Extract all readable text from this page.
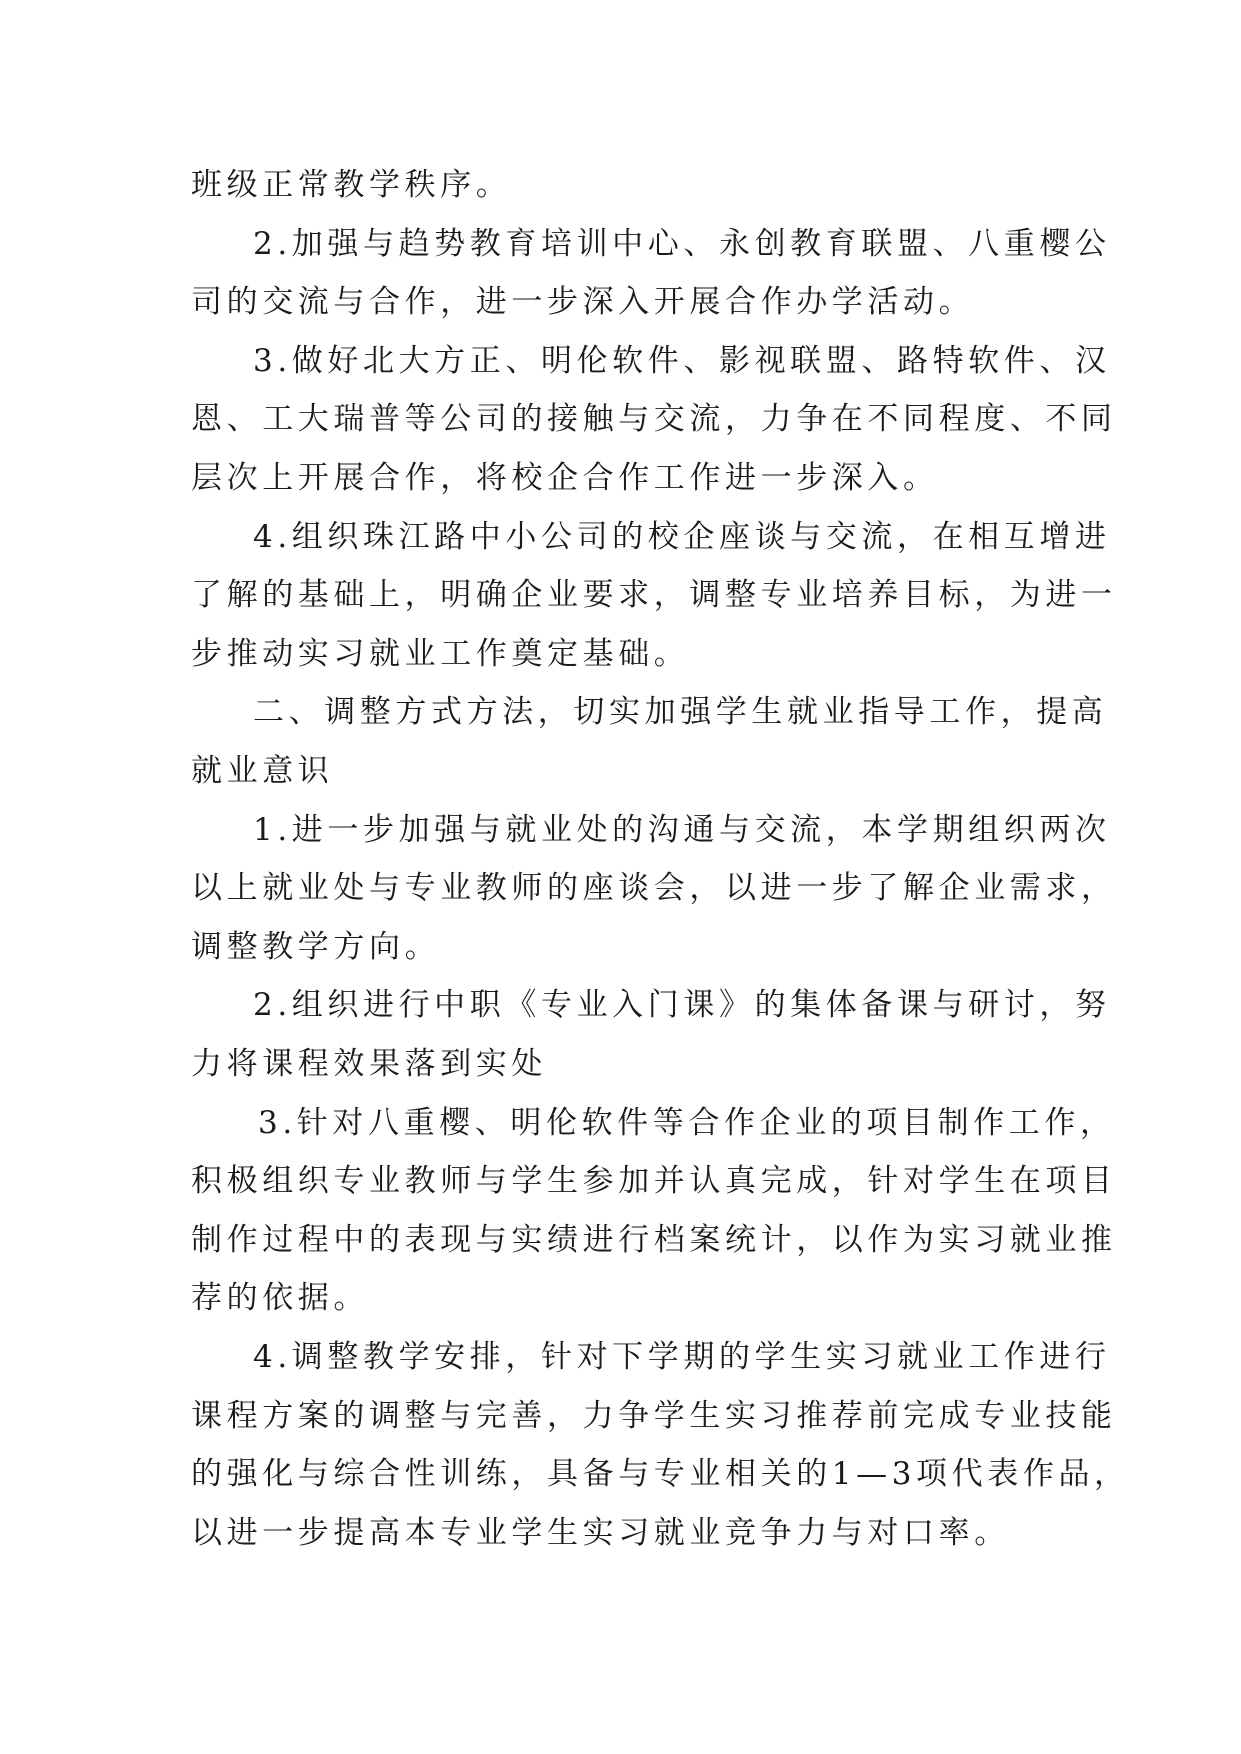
班级正常教学秩序。
2.加强与趋势教育培训中心、永创教育联盟、八重樱公
司的交流与合作，进一步深入开展合作办学活动。
3.做好北大方正、明伦软件、影视联盟、路特软件、汉
恩、工大瑞普等公司的接触与交流，力争在不同程度、不同
层次上开展合作，将校企合作工作进一步深入。
4.组织珠江路中小公司的校企座谈与交流，在相互增进
了解的基础上，明确企业要求，调整专业培养目标，为进一
步推动实习就业工作奠定基础。
二、调整方式方法，切实加强学生就业指导工作，提高
就业意识
1.进一步加强与就业处的沟通与交流，本学期组织两次
以上就业处与专业教师的座谈会，以进一步了解企业需求，
调整教学方向。
2.组织进行中职《专业入门课》的集体备课与研讨，努
力将课程效果落到实处
3.针对八重樱、明伦软件等合作企业的项目制作工作，
积极组织专业教师与学生参加并认真完成，针对学生在项目
制作过程中的表现与实绩进行档案统计，以作为实习就业推
荐的依据。
4.调整教学安排，针对下学期的学生实习就业工作进行
课程方案的调整与完善，力争学生实习推荐前完成专业技能
的强化与综合性训练，具备与专业相关的1—3项代表作品，
以进一步提高本专业学生实习就业竞争力与对口率。
